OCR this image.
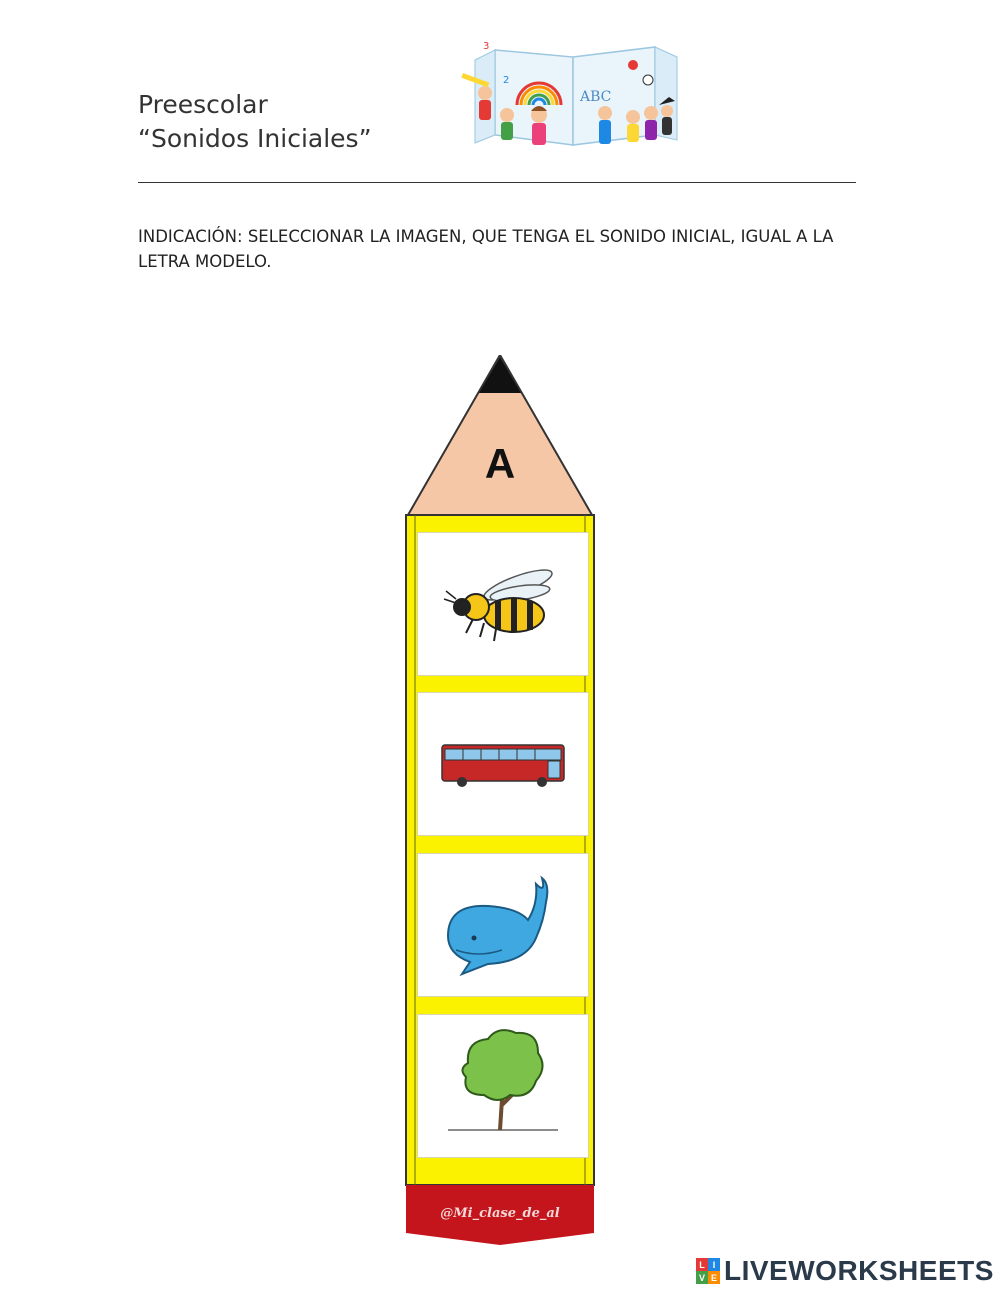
Preescolar
“Sonidos Iniciales”
3
2
ABC
INDICACIÓN: SELECCIONAR LA IMAGEN, QUE TENGA EL SONIDO INICIAL, IGUAL A LA LETRA MODELO.
A
@Mi_clase_de_al
L I
V E LIVEWORKSHEETS
